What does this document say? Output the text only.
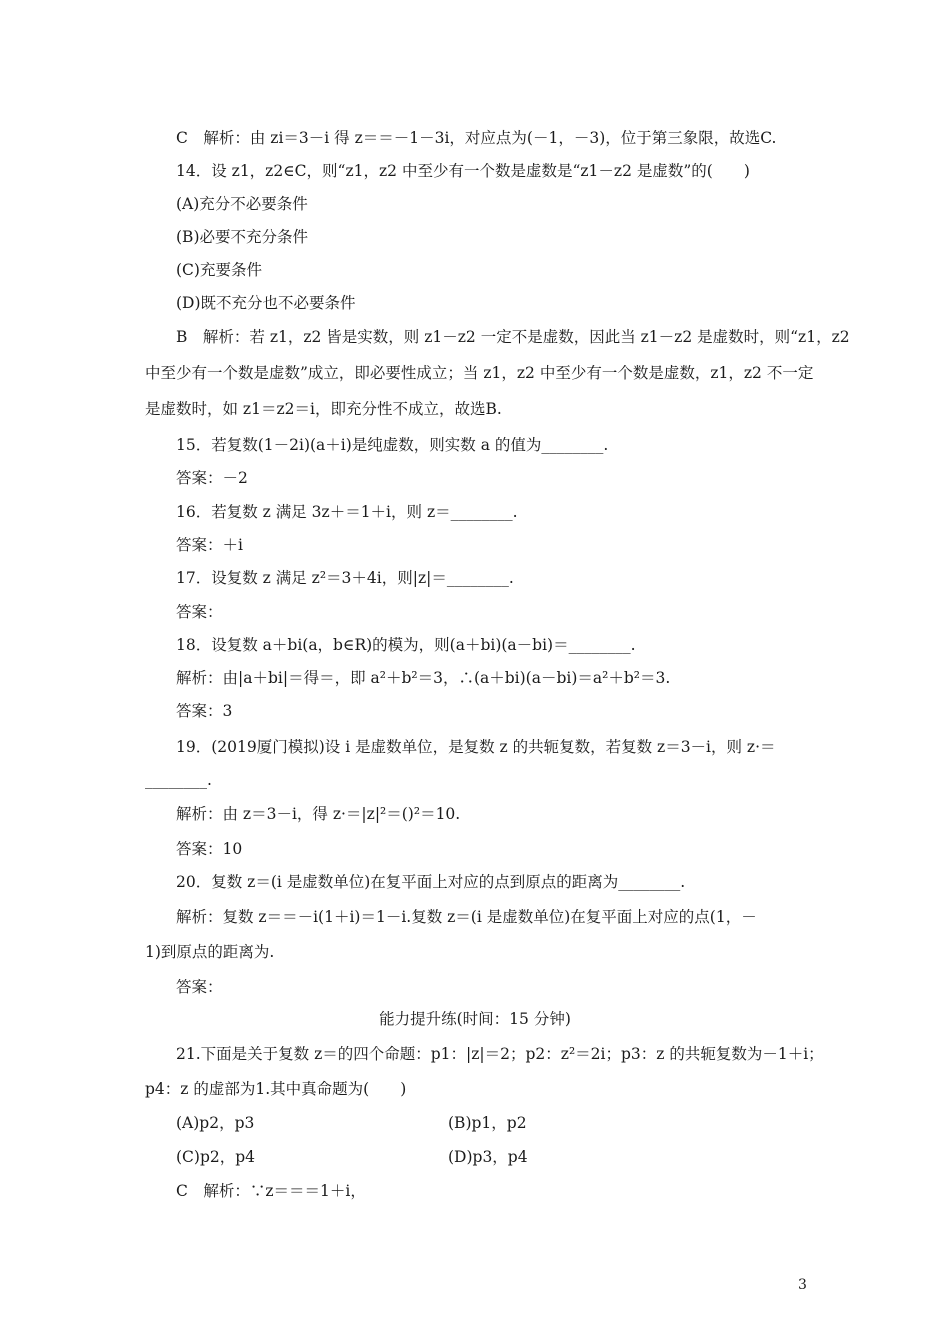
C　解析：由 zi＝3－i 得 z＝＝－1－3i，对应点为(－1，－3)，位于第三象限，故选C.
14．设 z1，z2∈C，则“z1，z2 中至少有一个数是虚数是“z1－z2 是虚数”的(　　)
(A)充分不必要条件
(B)必要不充分条件
(C)充要条件
(D)既不充分也不必要条件
B　解析：若 z1，z2 皆是实数，则 z1－z2 一定不是虚数，因此当 z1－z2 是虚数时，则“z1，z2
中至少有一个数是虚数”成立，即必要性成立；当 z1，z2 中至少有一个数是虚数，z1，z2 不一定
是虚数时，如 z1＝z2＝i，即充分性不成立，故选B.
15．若复数(1－2i)(a＋i)是纯虚数，则实数 a 的值为________.
答案：－2
16．若复数 z 满足 3z＋＝1＋i，则 z＝________.
答案：＋i
17．设复数 z 满足 z²＝3＋4i，则|z|＝________.
答案：
18．设复数 a＋bi(a，b∈R)的模为，则(a＋bi)(a－bi)＝________.
解析：由|a＋bi|＝得＝，即 a²＋b²＝3，∴(a＋bi)(a－bi)＝a²＋b²＝3.
答案：3
19．(2019厦门模拟)设 i 是虚数单位，是复数 z 的共轭复数，若复数 z＝3－i，则 z·＝
________.
解析：由 z＝3－i，得 z·＝|z|²＝()²＝10.
答案：10
20．复数 z＝(i 是虚数单位)在复平面上对应的点到原点的距离为________.
解析：复数 z＝＝－i(1＋i)＝1－i.复数 z＝(i 是虚数单位)在复平面上对应的点(1，－
1)到原点的距离为.
答案：
能力提升练(时间：15 分钟)
21.下面是关于复数 z＝的四个命题：p1：|z|＝2；p2：z²＝2i；p3：z 的共轭复数为－1＋i；
p4：z 的虚部为1.其中真命题为(　　)
(A)p2，p3	(B)p1，p2
(C)p2，p4	(D)p3，p4
C　解析：∵z＝＝＝1＋i，
3
